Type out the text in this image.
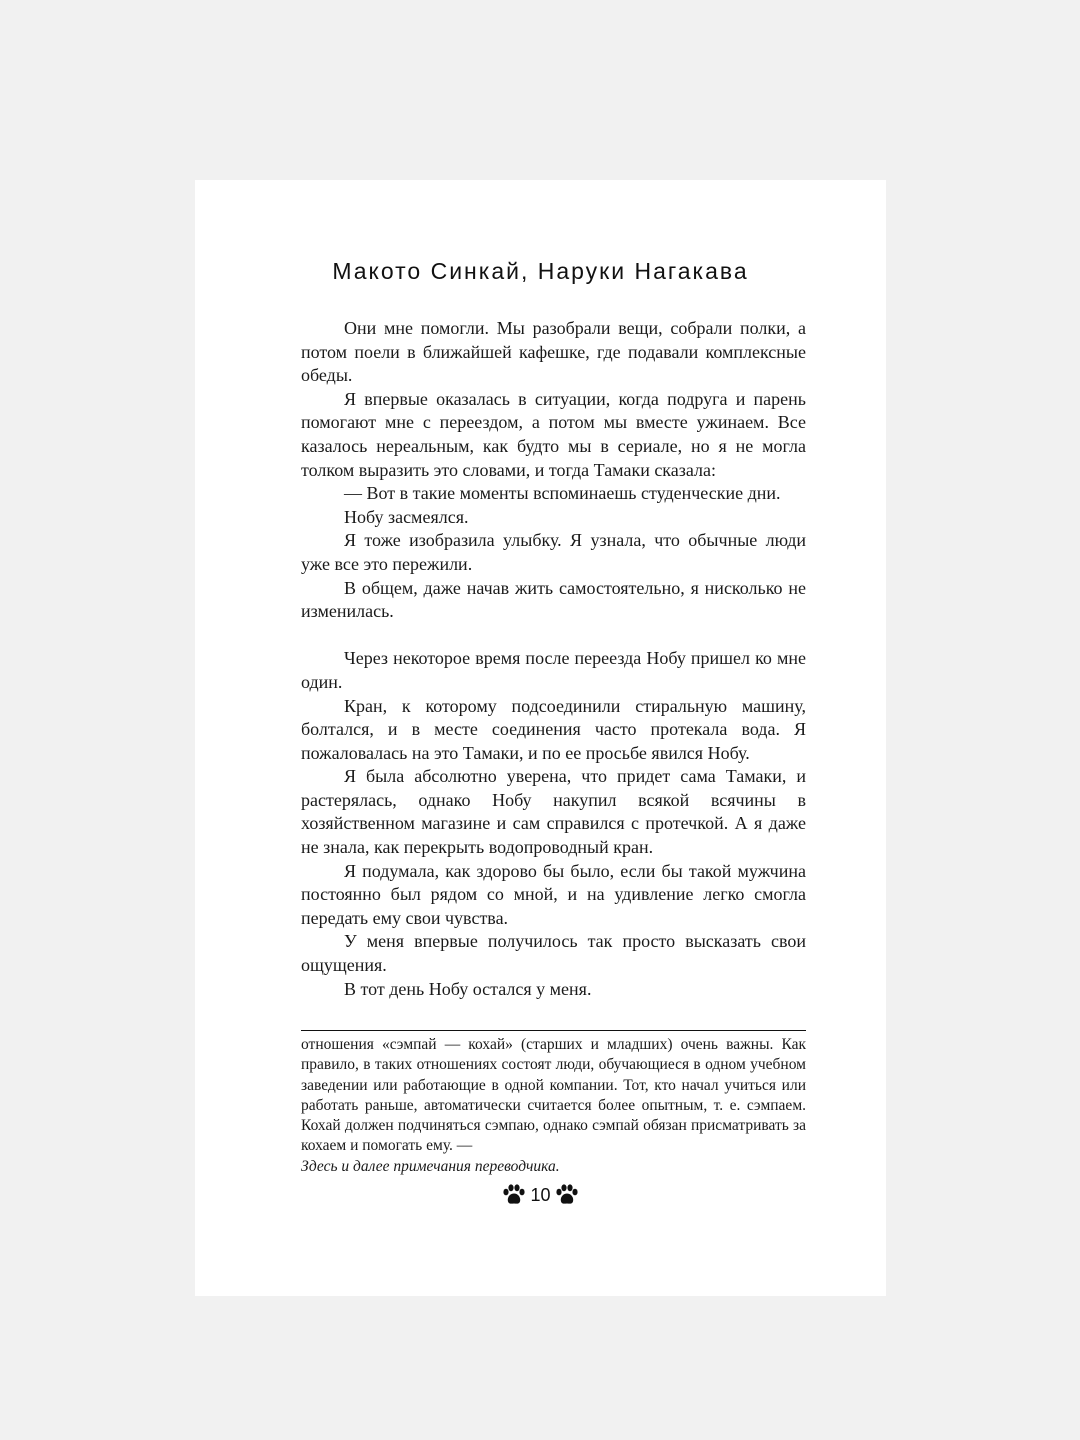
Макото Синкай, Наруки Нагакава

Они мне помогли. Мы разобрали вещи, собрали полки, а потом поели в ближайшей кафешке, где подавали комплексные обеды.

Я впервые оказалась в ситуации, когда подруга и парень помогают мне с переездом, а потом мы вместе ужинаем. Все казалось нереальным, как будто мы в сериале, но я не могла толком выразить это словами, и тогда Тамаки сказала:

— Вот в такие моменты вспоминаешь студенческие дни.

Нобу засмеялся.

Я тоже изобразила улыбку. Я узнала, что обычные люди уже все это пережили.

В общем, даже начав жить самостоятельно, я нисколько не изменилась.

Через некоторое время после переезда Нобу пришел ко мне один.

Кран, к которому подсоединили стиральную машину, болтался, и в месте соединения часто протекала вода. Я пожаловалась на это Тамаки, и по ее просьбе явился Нобу.

Я была абсолютно уверена, что придет сама Тамаки, и растерялась, однако Нобу накупил всякой всячины в хозяйственном магазине и сам справился с протечкой. А я даже не знала, как перекрыть водопроводный кран.

Я подумала, как здорово бы было, если бы такой мужчина постоянно был рядом со мной, и на удивление легко смогла передать ему свои чувства.

У меня впервые получилось так просто высказать свои ощущения.

В тот день Нобу остался у меня.

отношения «сэмпай — кохай» (старших и младших) очень важны. Как правило, в таких отношениях состоят люди, обучающиеся в одном учебном заведении или работающие в одной компании. Тот, кто начал учиться или работать раньше, автоматически считается более опытным, т. е. сэмпаем. Кохай должен подчиняться сэмпаю, однако сэмпай обязан присматривать за кохаем и помогать ему. —
Здесь и далее примечания переводчика.
10
